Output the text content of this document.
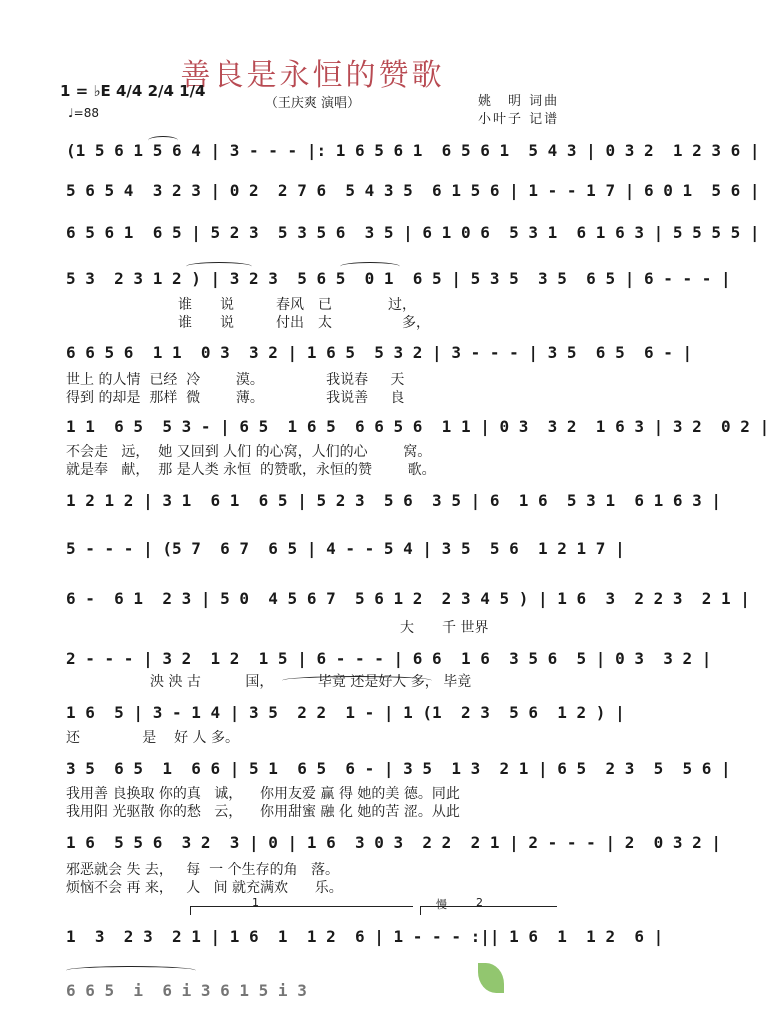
善良是永恒的赞歌
（王庆爽 演唱）
1 = ♭E 4/4 2/4 1/4
♩=88
姚　明 词曲
小叶子 记谱
(1 5 6 1 5 6 4 | 3 - - - |: 1 6 5 6 1  6 5 6 1  5 4 3 | 0 3 2  1 2 3 6 |
5 6 5 4  3 2 3 | 0 2  2 7 6  5 4 3 5  6 1 5 6 | 1 - - 1 7 | 6 0 1  5 6 |
6 5 6 1  6 5 | 5 2 3  5 3 5 6  3 5 | 6 1 0 6  5 3 1  6 1 6 3 | 5 5 5 5 |
5 3  2 3 1 2 ) | 3 2 3  5 6 5  0 1  6 5 | 5 3 5  3 5  6 5 | 6 - - - |
谁　　说　　　春风　已　　　　过，
谁　　说　　　付出　太　　　　　多，
6 6 5 6  1 1  0 3  3 2 | 1 6 5  5 3 2 | 3 - - - | 3 5  6 5  6 - |
世上 的人情  已经  冷        漠。              我说春     天
得到 的却是  那样  微        薄。              我说善     良
1 1  6 5  5 3 - | 6 5  1 6 5  6 6 5 6  1 1 | 0 3  3 2  1 6 3 | 3 2  0 2 |
不会走   远，  她 又回到 人们 的心窝，人们的心        窝。
就是奉   献，  那 是人类 永恒  的赞歌，永恒的赞        歌。
1 2 1 2 | 3 1  6 1  6 5 | 5 2 3  5 6  3 5 | 6  1 6  5 3 1  6 1 6 3 |
5 - - - | (5 7  6 7  6 5 | 4 - - 5 4 | 3 5  5 6  1 2 1 7 |
6 -  6 1  2 3 | 5 0  4 5 6 7  5 6 1 2  2 3 4 5 ) | 1 6  3  2 2 3  2 1 |
大　　千 世界
2 - - - | 3 2  1 2  1 5 | 6 - - - | 6 6  1 6  3 5 6  5 | 0 3  3 2 |
泱 泱 古          国，          毕竟 还是好人 多， 毕竟
1 6  5 | 3 - 1 4 | 3 5  2 2  1 - | 1 (1  2 3  5 6  1 2 ) |
还              是    好 人 多。
3 5  6 5  1  6 6 | 5 1  6 5  6 - | 3 5  1 3  2 1 | 6 5  2 3  5  5 6 |
我用善 良换取 你的真   诚，    你用友爱 赢 得 她的美 德。同此
我用阳 光驱散 你的愁   云，    你用甜蜜 融 化 她的苦 涩。从此
1 6  5 5 6  3 2  3 | 0 | 1 6  3 0 3  2 2  2 1 | 2 - - - | 2  0 3 2 |
邪恶就会 失 去，   每  一 个生存的角   落。
烦恼不会 再 来，   人   间 就充满欢      乐。
1	慢	2
1  3  2 3  2 1 | 1 6  1  1 2  6 | 1 - - - :|| 1 6  1  1 2  6 |
6 6 5  i  6 i 3 6 1 5 i 3
